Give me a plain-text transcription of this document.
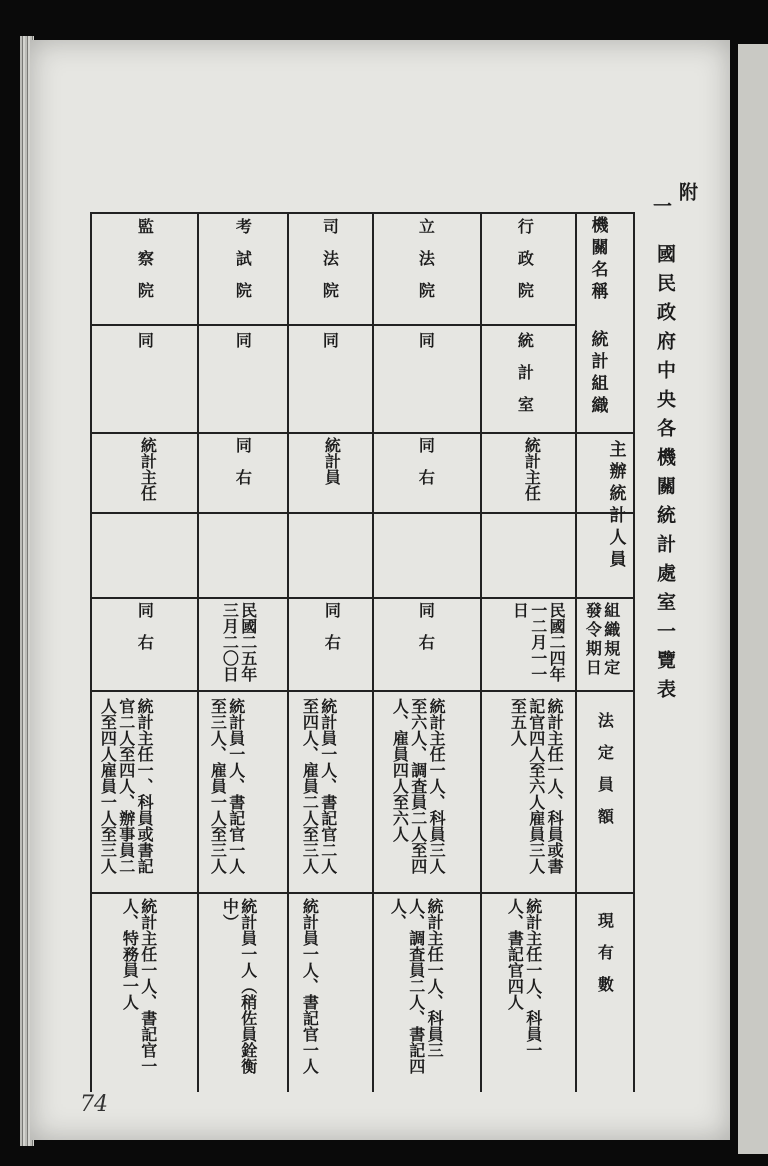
附
一
國民政府中央各機關統計處室一覽表
機關名稱
統計組織
主辦統計人員
組織規定發令期日
法定員額
現有數
行政院
統計室
統計主任
民國二四年一二月一一日
統計主任一人、科員或書記官四人至六人雇員三人至五人
統計主任一人、科員一人、書記官四人
立法院
同
同右
同右
統計主任一人、科員三人至六人、調査員二人至四人、雇員四人至六人
統計主任一人、科員三人、調査員二人、書記四人、
司法院
同
統計員
同右
統計員一人、書記官二人至四人、雇員二人至三人
統計員一人、書記官一人
考試院
同
同右
民國二五年三月二〇日
統計員一人、書記官一人至三人、雇員一人至三人
統計員一人（稍佐員銓衡中）
監察院
同
統計主任
同右
統計主任一、科員或書記官二人至四人、辦事員二人至四人雇員一人至三人
統計主任一人、書記官一人、特務員一人
74
